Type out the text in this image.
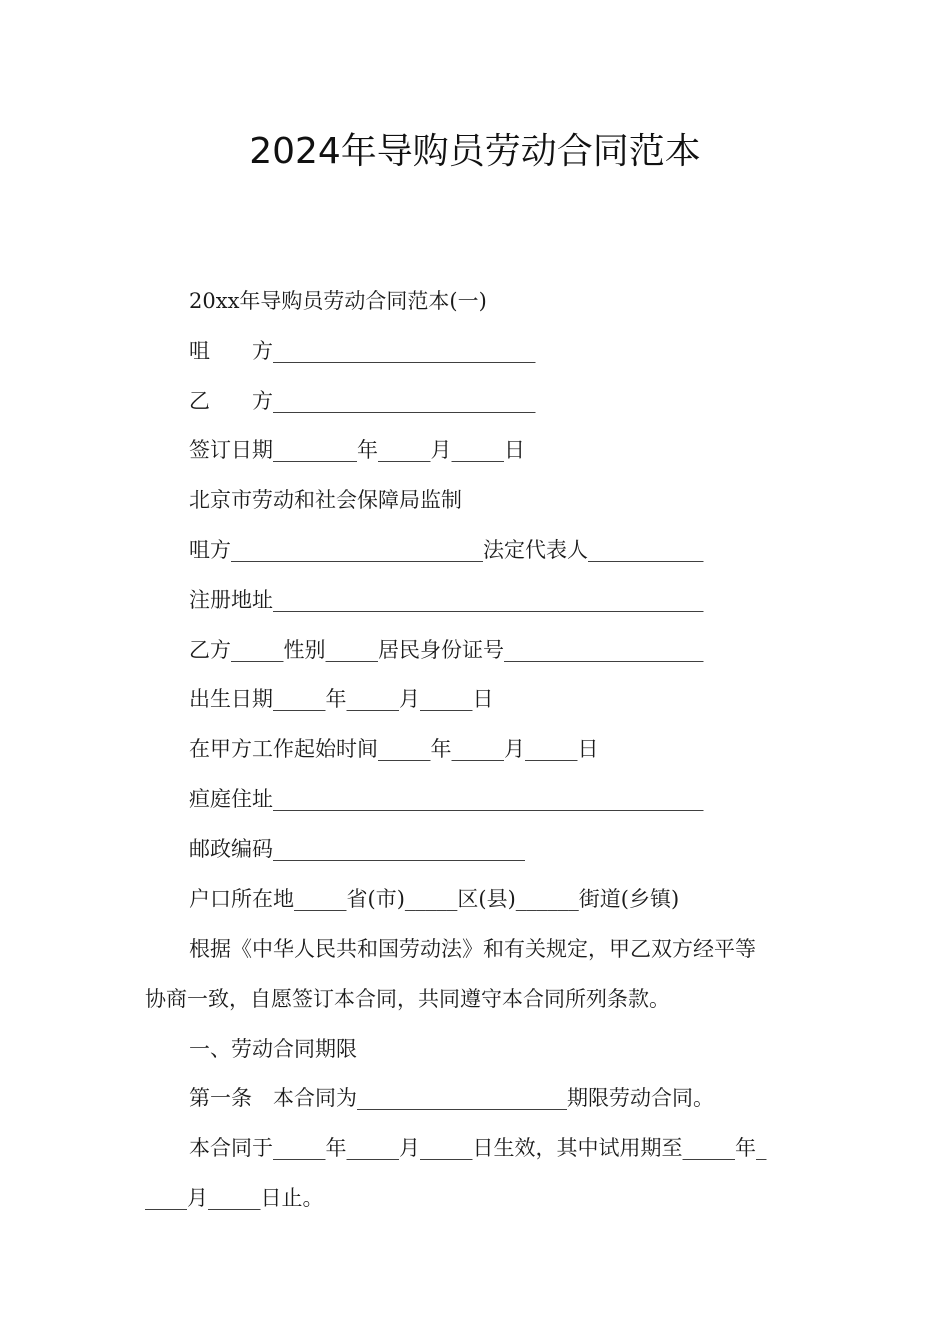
2024年导购员劳动合同范本
20xx年导购员劳动合同范本(一)
咀　　方_________________________
乙　　方_________________________
签订日期________年_____月_____日
北京市劳动和社会保障局监制
咀方________________________法定代表人___________
注册地址_________________________________________
乙方_____性别_____居民身份证号___________________
出生日期_____年_____月_____日
在甲方工作起始时间_____年_____月_____日
疸庭住址_________________________________________
邮政编码________________________
户口所在地_____省(市)_____区(县)______街道(乡镇)
根据《中华人民共和国劳动法》和有关规定，甲乙双方经平等
协商一致，自愿签订本合同，共同遵守本合同所列条款。
一、劳动合同期限
第一条　本合同为____________________期限劳动合同。
本合同于_____年_____月_____日生效，其中试用期至_____年_
____月_____日止。
